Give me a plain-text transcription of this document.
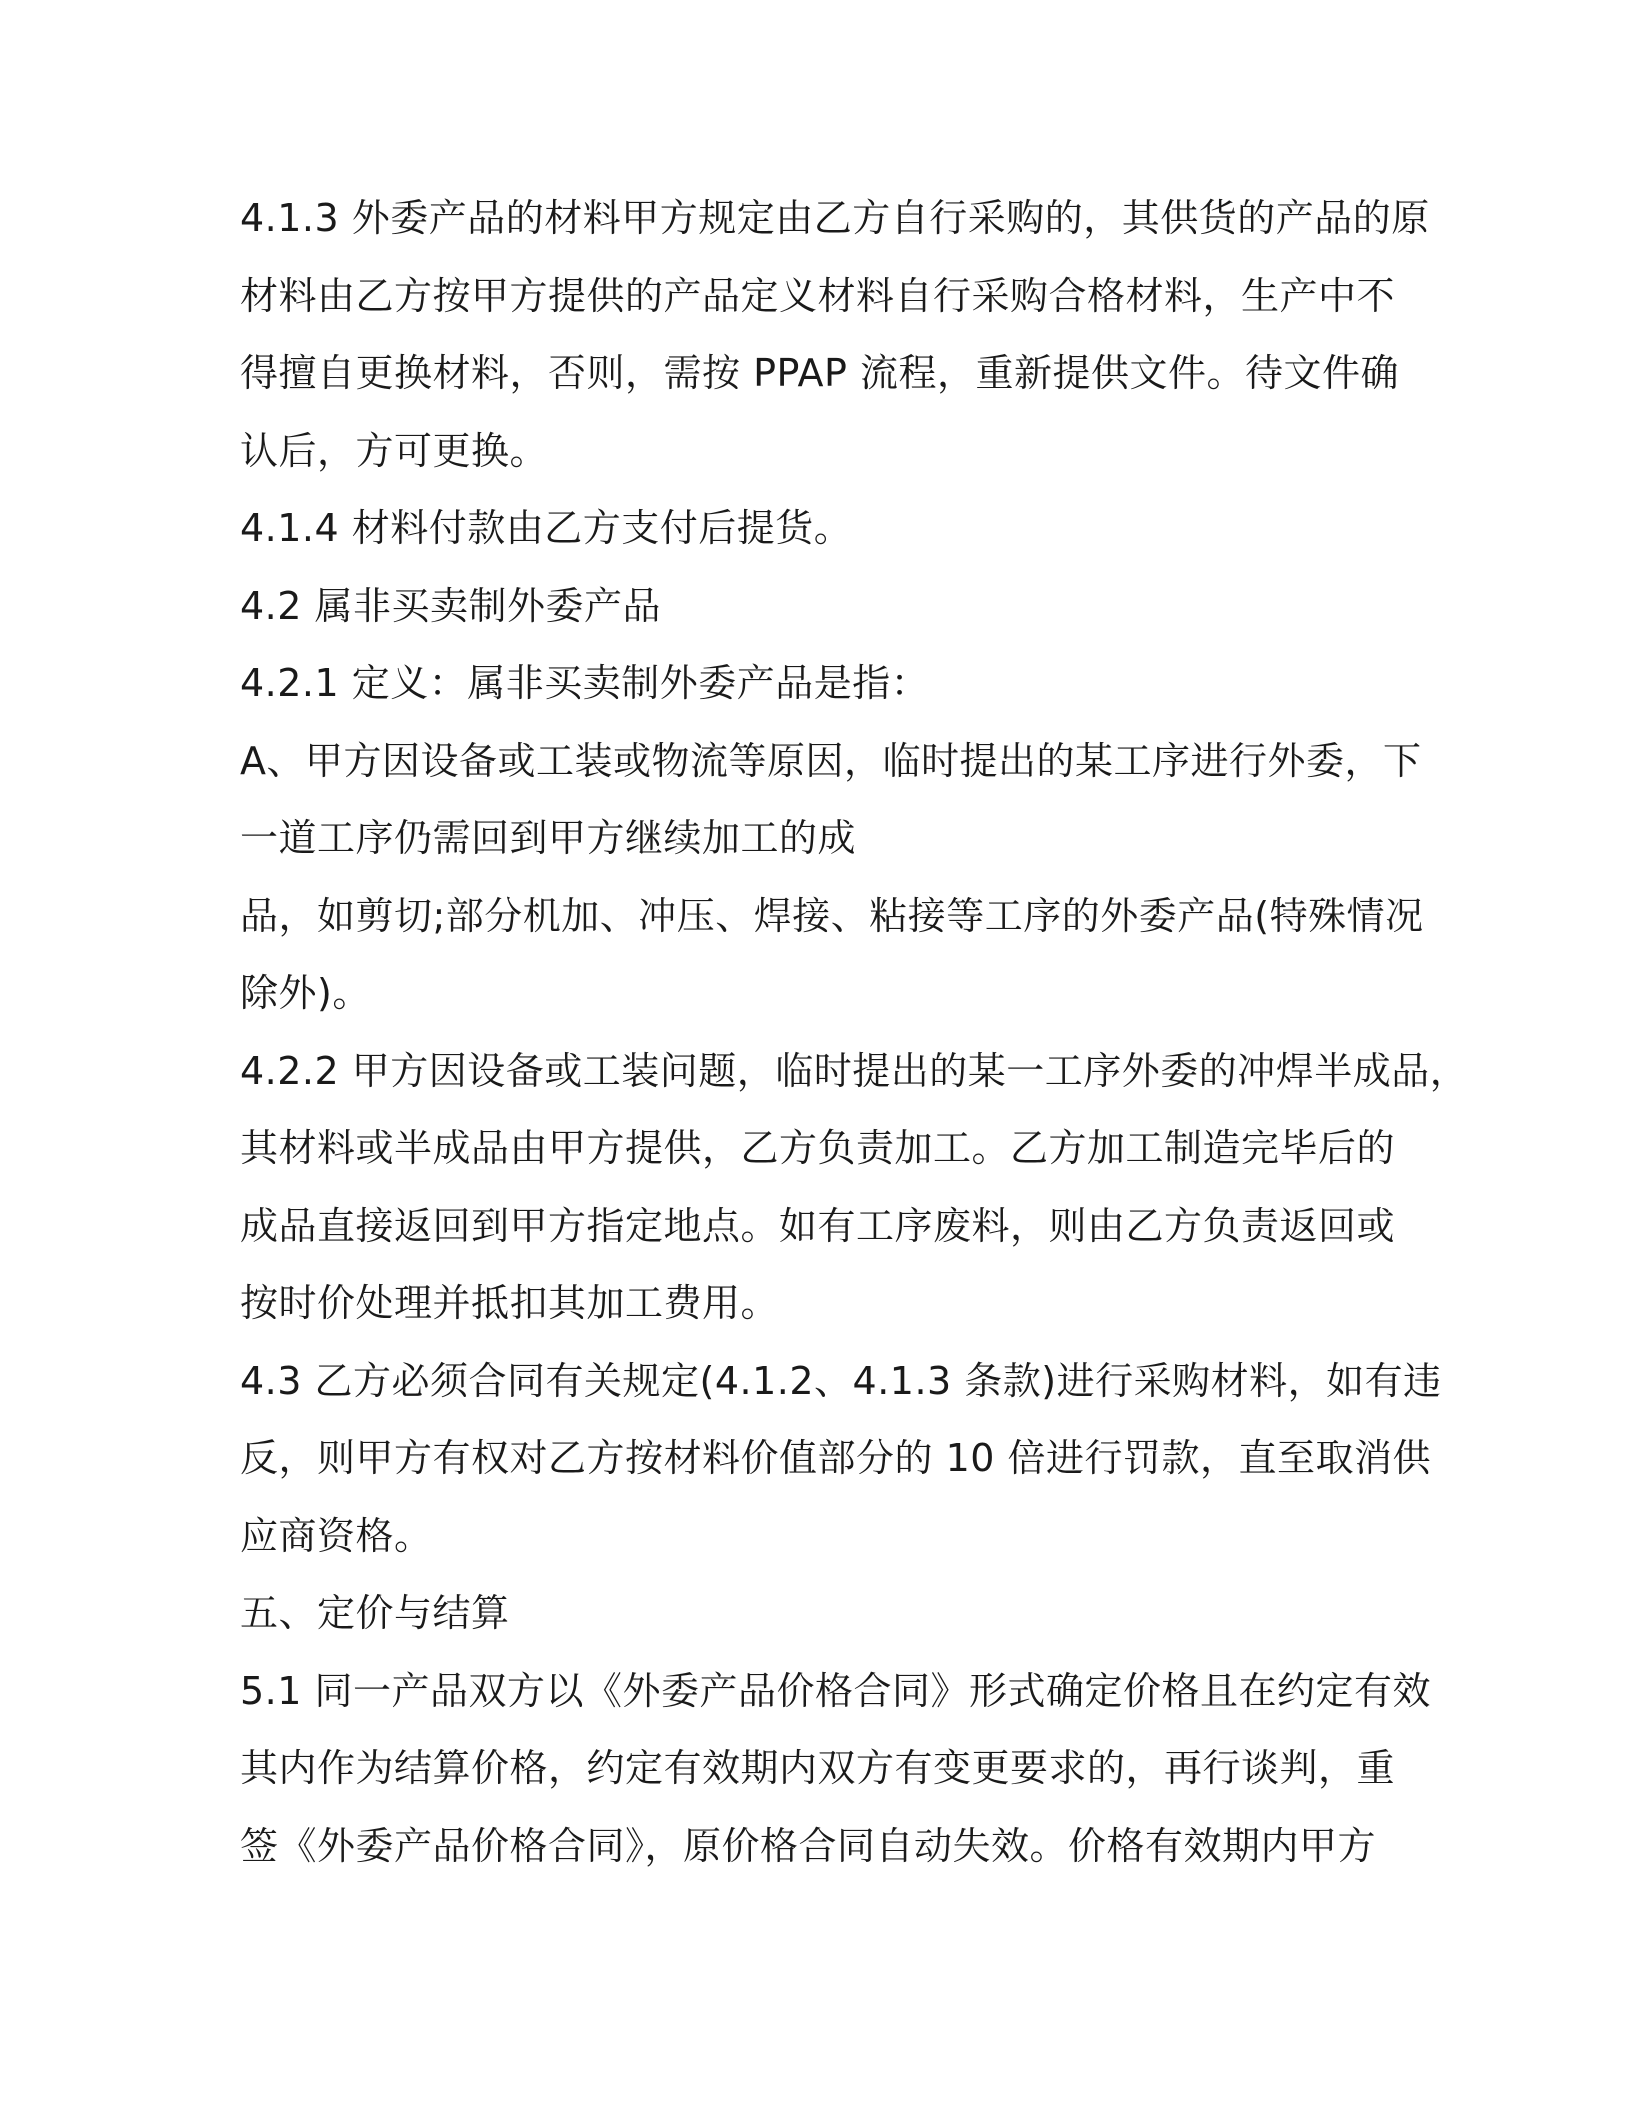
4.1.3 外委产品的材料甲方规定由乙方自行采购的，其供货的产品的原
材料由乙方按甲方提供的产品定义材料自行采购合格材料，生产中不
得擅自更换材料，否则，需按 PPAP 流程，重新提供文件。待文件确
认后，方可更换。
4.1.4 材料付款由乙方支付后提货。
4.2 属非买卖制外委产品
4.2.1 定义：属非买卖制外委产品是指：
A、甲方因设备或工装或物流等原因，临时提出的某工序进行外委，下
一道工序仍需回到甲方继续加工的成
品，如剪切;部分机加、冲压、焊接、粘接等工序的外委产品(特殊情况
除外)。
4.2.2 甲方因设备或工装问题，临时提出的某一工序外委的冲焊半成品，
其材料或半成品由甲方提供，乙方负责加工。乙方加工制造完毕后的
成品直接返回到甲方指定地点。如有工序废料，则由乙方负责返回或
按时价处理并抵扣其加工费用。
4.3 乙方必须合同有关规定(4.1.2、4.1.3 条款)进行采购材料，如有违
反，则甲方有权对乙方按材料价值部分的 10 倍进行罚款，直至取消供
应商资格。
五、定价与结算
5.1 同一产品双方以《外委产品价格合同》形式确定价格且在约定有效
其内作为结算价格，约定有效期内双方有变更要求的，再行谈判，重
签《外委产品价格合同》，原价格合同自动失效。价格有效期内甲方
